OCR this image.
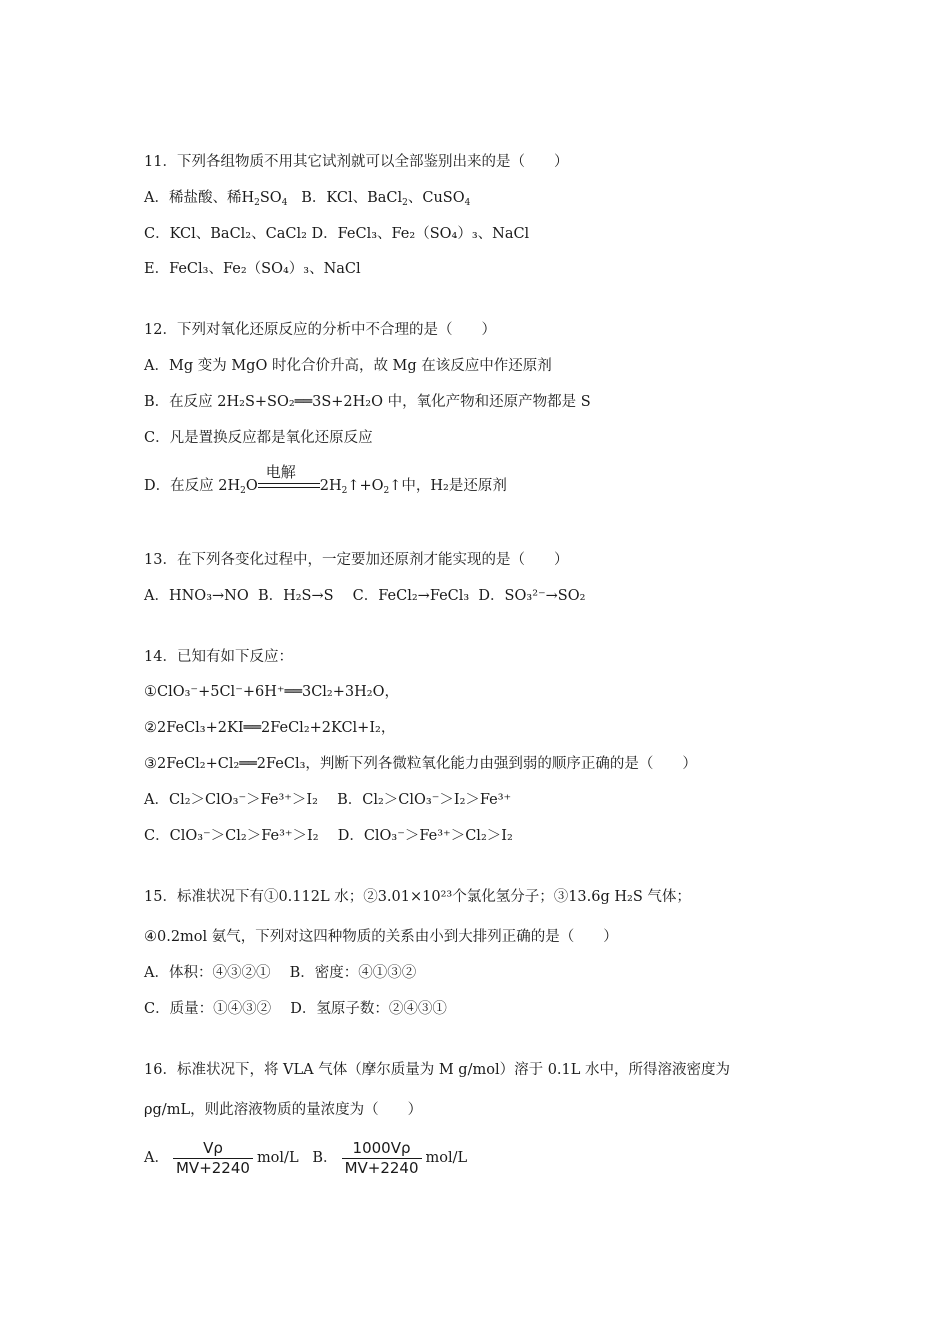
11．下列各组物质不用其它试剂就可以全部鉴别出来的是（　　）
A．稀盐酸、稀$H_2SO_4$ B．KCl、BaCl$_2$、CuSO$_4$
C．KCl、BaCl₂、CaCl₂ D．FeCl₃、Fe₂（SO₄）₃、NaCl
E．FeCl₃、Fe₂（SO₄）₃、NaCl
12．下列对氧化还原反应的分析中不合理的是（　　）
A．Mg 变为 MgO 时化合价升高，故 Mg 在该反应中作还原剂
B．在反应 2H₂S+SO₂══3S+2H₂O 中，氧化产物和还原产物都是 S
C．凡是置换反应都是氧化还原反应
D．在反应 $2H_2O$
电解
$2H_2↑+O_2↑$中，H₂是还原剂
13．在下列各变化过程中，一定要加还原剂才能实现的是（　　）
A．HNO₃→NO  B．H₂S→S　 C．FeCl₂→FeCl₃  D．SO₃²⁻→SO₂
14．已知有如下反应：
①ClO₃⁻+5Cl⁻+6H⁺══3Cl₂+3H₂O，
②2FeCl₃+2KI══2FeCl₂+2KCl+I₂，
③2FeCl₂+Cl₂══2FeCl₃，判断下列各微粒氧化能力由强到弱的顺序正确的是（　　）
A．Cl₂＞ClO₃⁻＞Fe³⁺＞I₂　 B．Cl₂＞ClO₃⁻＞I₂＞Fe³⁺
C．ClO₃⁻＞Cl₂＞Fe³⁺＞I₂　 D．ClO₃⁻＞Fe³⁺＞Cl₂＞I₂
15．标准状况下有①0.112L 水；②3.01×10²³个氯化氢分子；③13.6g H₂S 气体；
④0.2mol 氨气，下列对这四种物质的关系由小到大排列正确的是（　　）
A．体积：④③②①　 B．密度：④①③②
C．质量：①④③②　 D．氢原子数：②④③①
16．标准状况下，将 VLA 气体（摩尔质量为 M g/mol）溶于 0.1L 水中，所得溶液密度为
ρg/mL，则此溶液物质的量浓度为（　　）
A． $\frac{V\rho}{MV+2240} mol/L$ B． $\frac{1000V\rho}{MV+2240} mol/L$
